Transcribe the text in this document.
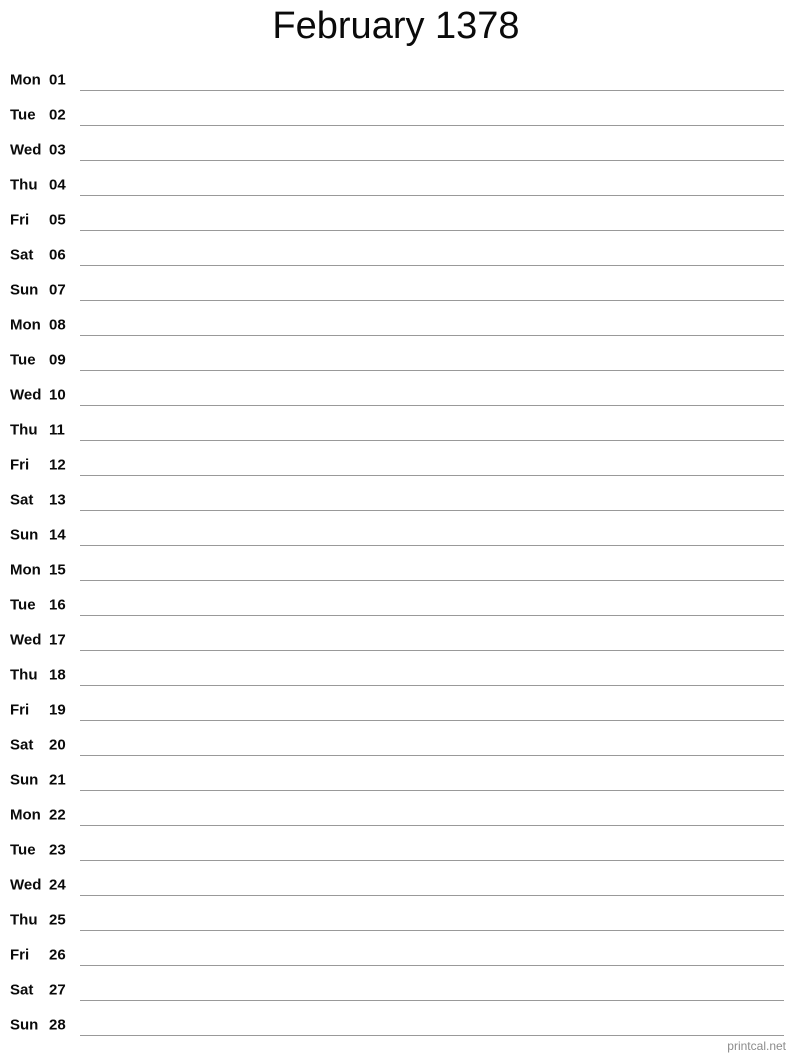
February 1378
Mon 01
Tue 02
Wed 03
Thu 04
Fri 05
Sat 06
Sun 07
Mon 08
Tue 09
Wed 10
Thu 11
Fri 12
Sat 13
Sun 14
Mon 15
Tue 16
Wed 17
Thu 18
Fri 19
Sat 20
Sun 21
Mon 22
Tue 23
Wed 24
Thu 25
Fri 26
Sat 27
Sun 28
printcal.net
